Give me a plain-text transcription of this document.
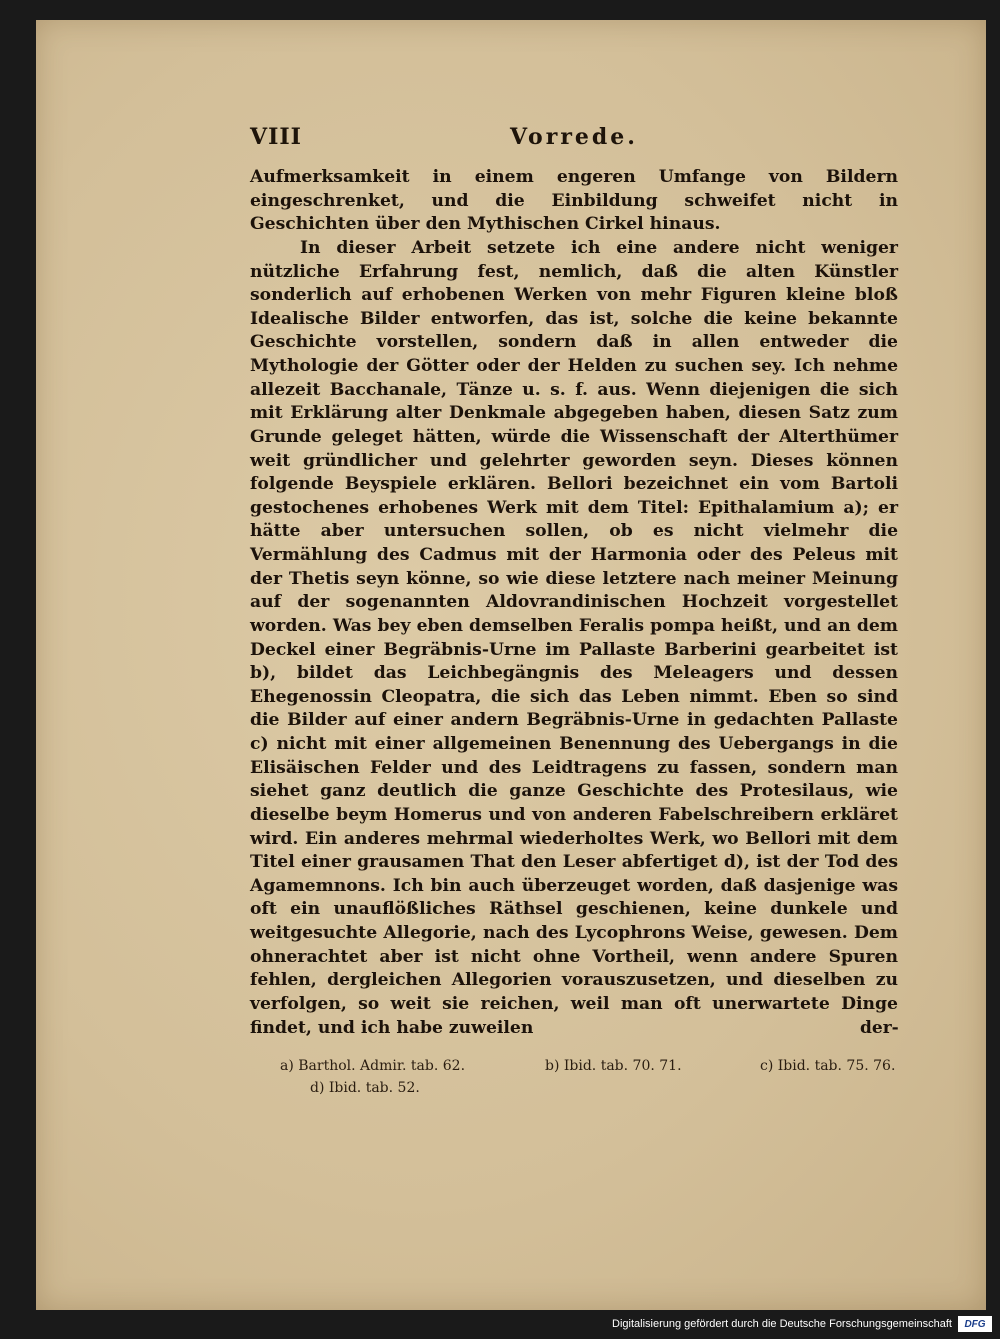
VIII	Vorrede.

Aufmerksamkeit in einem engeren Umfange von Bildern eingeschrenket, und die Einbildung schweifet nicht in Geschichten über den Mythischen Cirkel hinaus.

In dieser Arbeit setzete ich eine andere nicht weniger nützliche Erfahrung fest, nemlich, daß die alten Künstler sonderlich auf erhobenen Werken von mehr Figuren kleine bloß Idealische Bilder entworfen, das ist, solche die keine bekannte Geschichte vorstellen, sondern daß in allen entweder die Mythologie der Götter oder der Helden zu suchen sey. Ich nehme allezeit Bacchanale, Tänze u. s. f. aus. Wenn diejenigen die sich mit Erklärung alter Denkmale abgegeben haben, diesen Satz zum Grunde geleget hätten, würde die Wissenschaft der Alterthümer weit gründlicher und gelehrter geworden seyn. Dieses können folgende Beyspiele erklären. Bellori bezeichnet ein vom Bartoli gestochenes erhobenes Werk mit dem Titel: Epithalamium a); er hätte aber untersuchen sollen, ob es nicht vielmehr die Vermählung des Cadmus mit der Harmonia oder des Peleus mit der Thetis seyn könne, so wie diese letztere nach meiner Meinung auf der sogenannten Aldovrandinischen Hochzeit vorgestellet worden. Was bey eben demselben Feralis pompa heißt, und an dem Deckel einer Begräbnis-Urne im Pallaste Barberini gearbeitet ist b), bildet das Leichbegängnis des Meleagers und dessen Ehegenossin Cleopatra, die sich das Leben nimmt. Eben so sind die Bilder auf einer andern Begräbnis-Urne in gedachten Pallaste c) nicht mit einer allgemeinen Benennung des Uebergangs in die Elisäischen Felder und des Leidtragens zu fassen, sondern man siehet ganz deutlich die ganze Geschichte des Protesilaus, wie dieselbe beym Homerus und von anderen Fabelschreibern erkläret wird. Ein anderes mehrmal wiederholtes Werk, wo Bellori mit dem Titel einer grausamen That den Leser abfertiget d), ist der Tod des Agamemnons. Ich bin auch überzeuget worden, daß dasjenige was oft ein unauflößliches Räthsel geschienen, keine dunkele und weitgesuchte Allegorie, nach des Lycophrons Weise, gewesen. Dem ohnerachtet aber ist nicht ohne Vortheil, wenn andere Spuren fehlen, dergleichen Allegorien vorauszusetzen, und dieselben zu verfolgen, so weit sie reichen, weil man oft unerwartete Dinge findet, und ich habe zuweilen	der-
a) Barthol. Admir. tab. 62.	b) Ibid. tab. 70. 71.	c) Ibid. tab. 75. 76.
d) Ibid. tab. 52.
Digitalisierung gefördert durch die Deutsche Forschungsgemeinschaft	DFG
